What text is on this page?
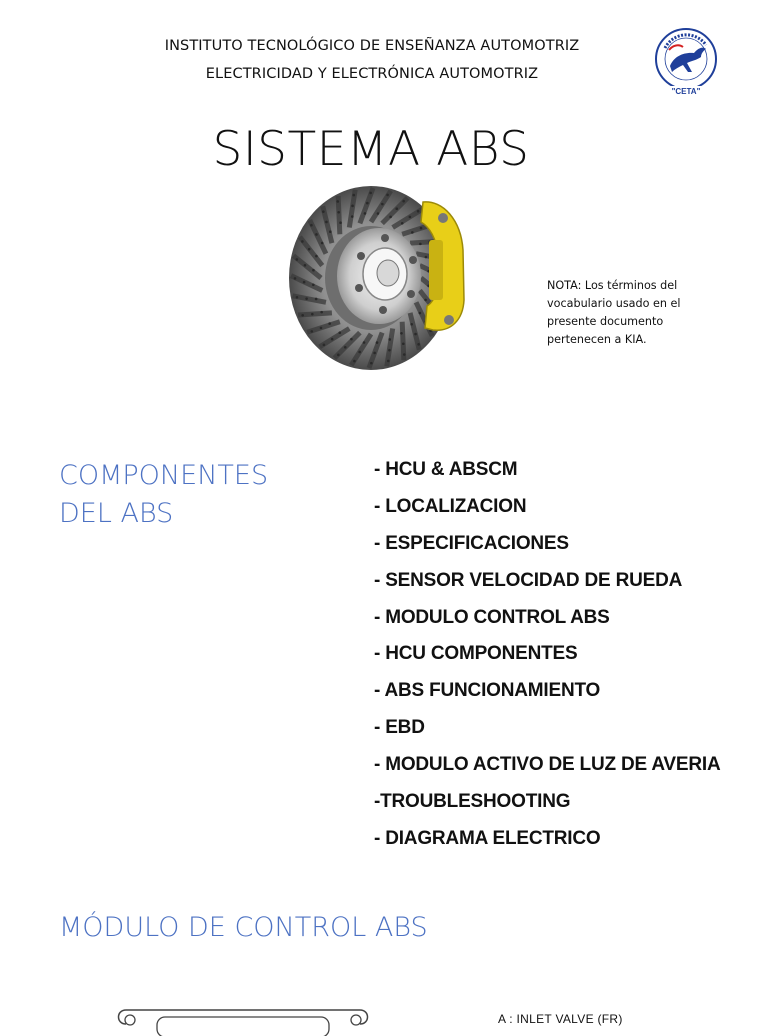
INSTITUTO TECNOLÓGICO DE ENSEÑANZA AUTOMOTRIZ
ELECTRICIDAD Y ELECTRÓNICA AUTOMOTRIZ
"CETA"
SISTEMA ABS
NOTA: Los términos del vocabulario usado en el presente documento pertenecen a KIA.
COMPONENTES DEL ABS
- HCU & ABSCM
- LOCALIZACION
- ESPECIFICACIONES
- SENSOR VELOCIDAD DE RUEDA
- MODULO CONTROL ABS
- HCU COMPONENTES
- ABS FUNCIONAMIENTO
- EBD
- MODULO ACTIVO DE LUZ DE AVERIA
-TROUBLESHOOTING
- DIAGRAMA ELECTRICO
MÓDULO DE CONTROL ABS
A : INLET VALVE (FR)
